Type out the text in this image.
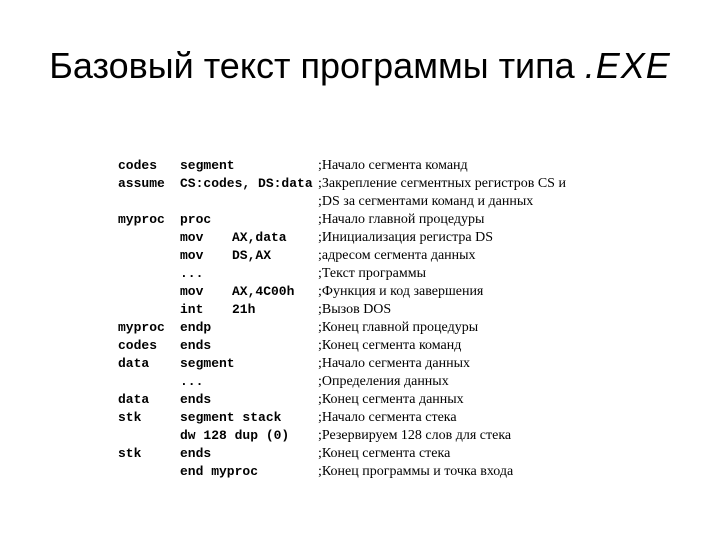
Базовый текст программы типа .EXE
codes segment	;Начало сегмента команд
assume CS:codes, DS:data ;Закрепление сегментных регистров CS и
;DS за сегментами команд и данных
myproc proc	;Начало главной процедуры
mov AX,data ;Инициализация регистра DS
mov DS,AX	;адресом сегмента данных
...	;Текст программы
mov AX,4C00h ;Функция и код завершения
int 21h	;Вызов DOS
myproc endp	;Конец главной процедуры
codes ends	;Конец сегмента команд
data segment	;Начало сегмента данных
...	;Определения данных
data ends	;Конец сегмента данных
stk	segment stack	;Начало сегмента стека
dw 128 dup (0) ;Резервируем 128 слов для стека
stk	ends	;Конец сегмента стека
end myproc	;Конец программы и точка входа
